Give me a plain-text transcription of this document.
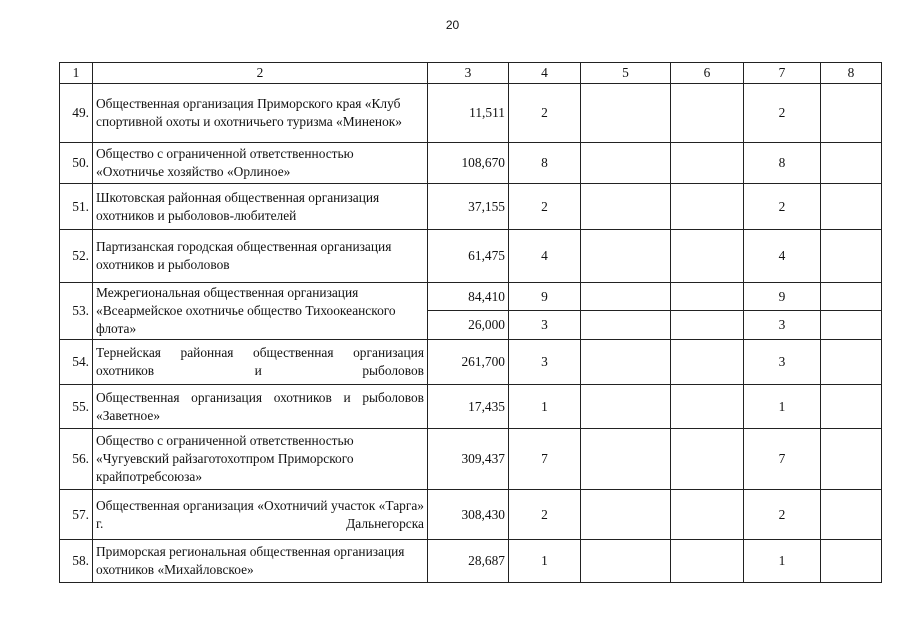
20
1	2	3	4	5	6	7	8
49.	Общественная организация Приморского края «Клуб спортивной охоты и охотничьего туризма «Миненок»	11,511	2			2	
50.	Общество с ограниченной ответственностью «Охотничье хозяйство «Орлиное»	108,670	8			8	
51.	Шкотовская районная общественная организация охотников и рыболовов-любителей	37,155	2			2	
52.	Партизанская городская общественная организация охотников и рыболовов	61,475	4			4	
53.	Межрегиональная общественная организация «Всеармейское охотничье общество Тихоокеанского флота»	84,410	9			9	
		26,000	3			3	
54.	Тернейская районная общественная организация охотников и рыболовов	261,700	3			3	
55.	Общественная организация охотников и рыболовов «Заветное»	17,435	1			1	
56.	Общество с ограниченной ответственностью «Чугуевский райзаготохотпром Приморского крайпотребсоюза»	309,437	7			7	
57.	Общественная организация «Охотничий участок «Тарга» г. Дальнегорска	308,430	2			2	
58.	Приморская региональная общественная организация охотников «Михайловское»	28,687	1			1	
